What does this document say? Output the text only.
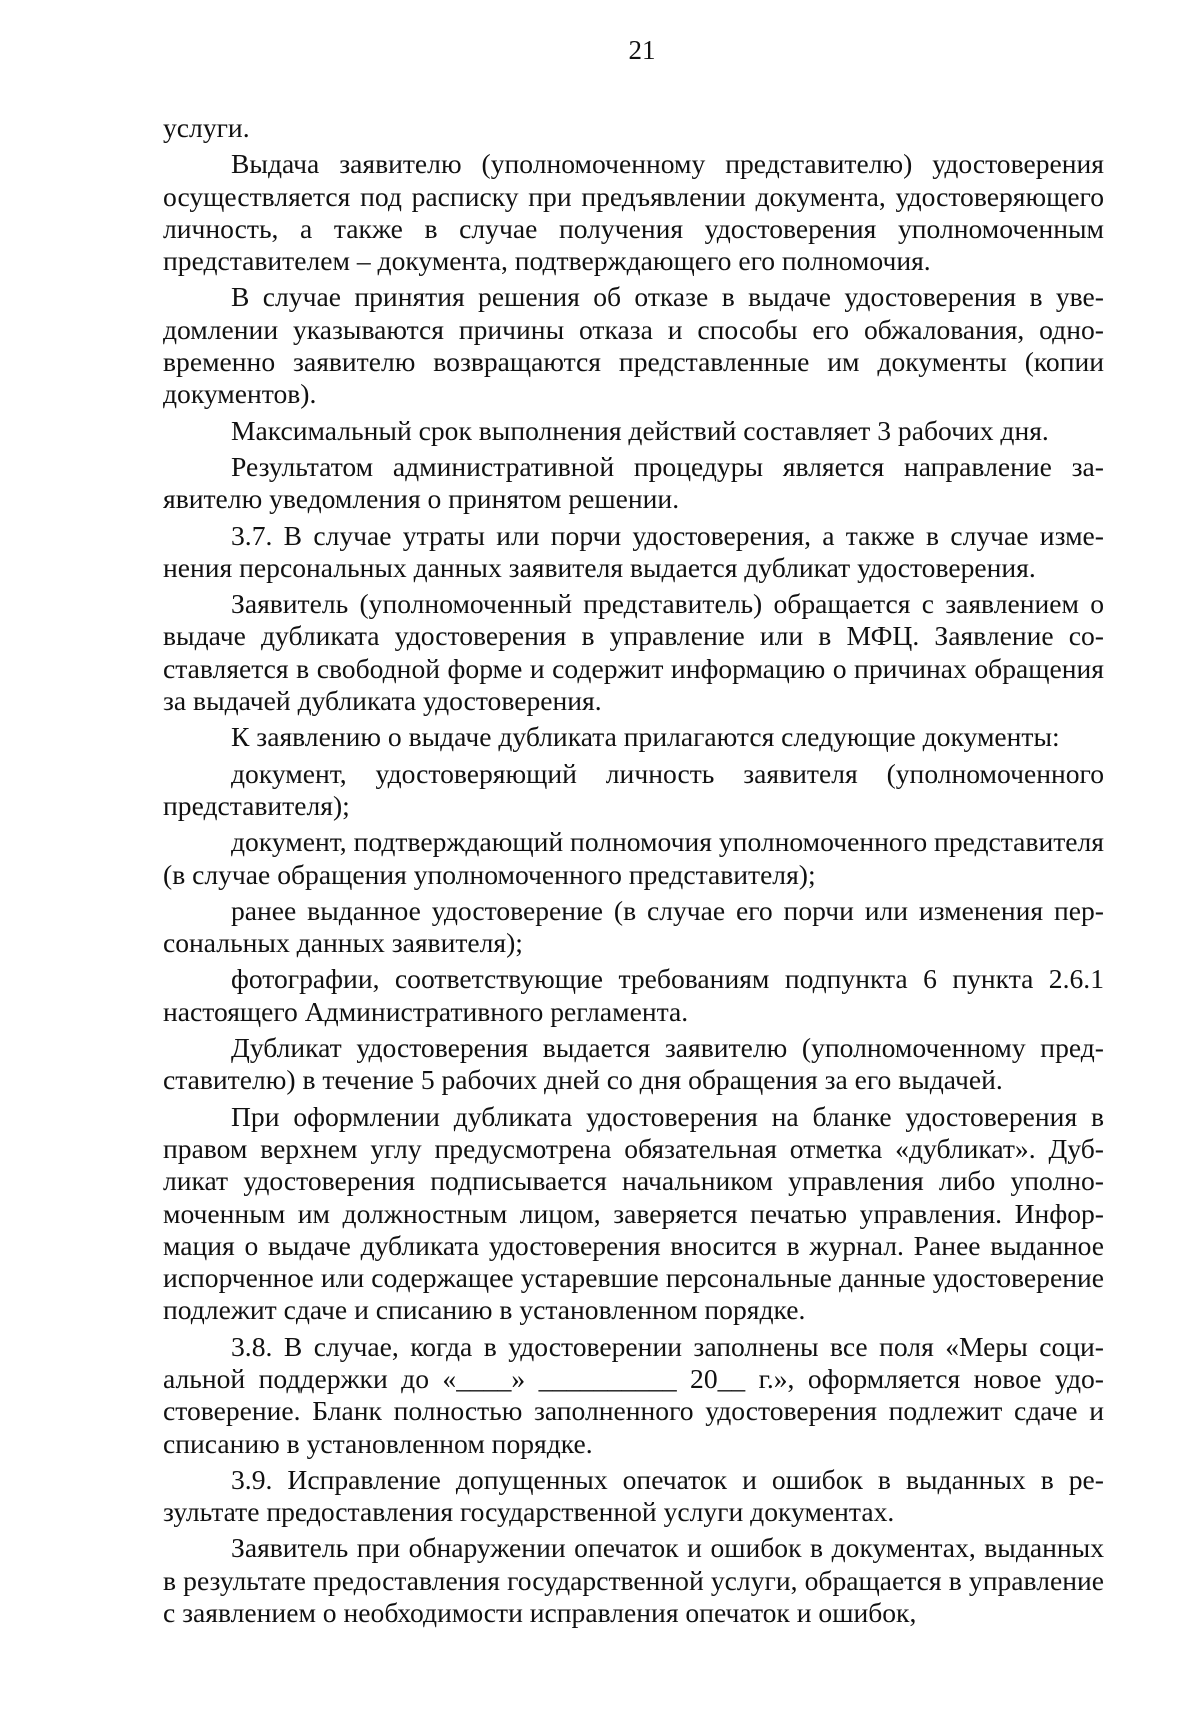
21

услуги.

Выдача заявителю (уполномоченному представителю) удостоверения осуществляется под расписку при предъявлении документа, удостоверяющего личность, а также в случае получения удостоверения уполномоченным представителем – документа, подтверждающего его полномочия.

В случае принятия решения об отказе в выдаче удостоверения в уведомлении указываются причины отказа и способы его обжалования, одновременно заявителю возвращаются представленные им документы (копии документов).

Максимальный срок выполнения действий составляет 3 рабочих дня.

Результатом административной процедуры является направление заявителю уведомления о принятом решении.

3.7. В случае утраты или порчи удостоверения, а также в случае изменения персональных данных заявителя выдается дубликат удостоверения.

Заявитель (уполномоченный представитель) обращается с заявлением о выдаче дубликата удостоверения в управление или в МФЦ. Заявление составляется в свободной форме и содержит информацию о причинах обращения за выдачей дубликата удостоверения.

К заявлению о выдаче дубликата прилагаются следующие документы:

документ, удостоверяющий личность заявителя (уполномоченного представителя);

документ, подтверждающий полномочия уполномоченного представителя (в случае обращения уполномоченного представителя);

ранее выданное удостоверение (в случае его порчи или изменения персональных данных заявителя);

фотографии, соответствующие требованиям подпункта 6 пункта 2.6.1 настоящего Административного регламента.

Дубликат удостоверения выдается заявителю (уполномоченному представителю) в течение 5 рабочих дней со дня обращения за его выдачей.

При оформлении дубликата удостоверения на бланке удостоверения в правом верхнем углу предусмотрена обязательная отметка «дубликат». Дубликат удостоверения подписывается начальником управления либо уполномоченным им должностным лицом, заверяется печатью управления. Информация о выдаче дубликата удостоверения вносится в журнал. Ранее выданное испорченное или содержащее устаревшие персональные данные удостоверение подлежит сдаче и списанию в установленном порядке.

3.8. В случае, когда в удостоверении заполнены все поля «Меры социальной поддержки до «____» __________ 20__ г.», оформляется новое удостоверение. Бланк полностью заполненного удостоверения подлежит сдаче и списанию в установленном порядке.

3.9. Исправление допущенных опечаток и ошибок в выданных в результате предоставления государственной услуги документах.

Заявитель при обнаружении опечаток и ошибок в документах, выданных в результате предоставления государственной услуги, обращается в управление с заявлением о необходимости исправления опечаток и ошибок,
